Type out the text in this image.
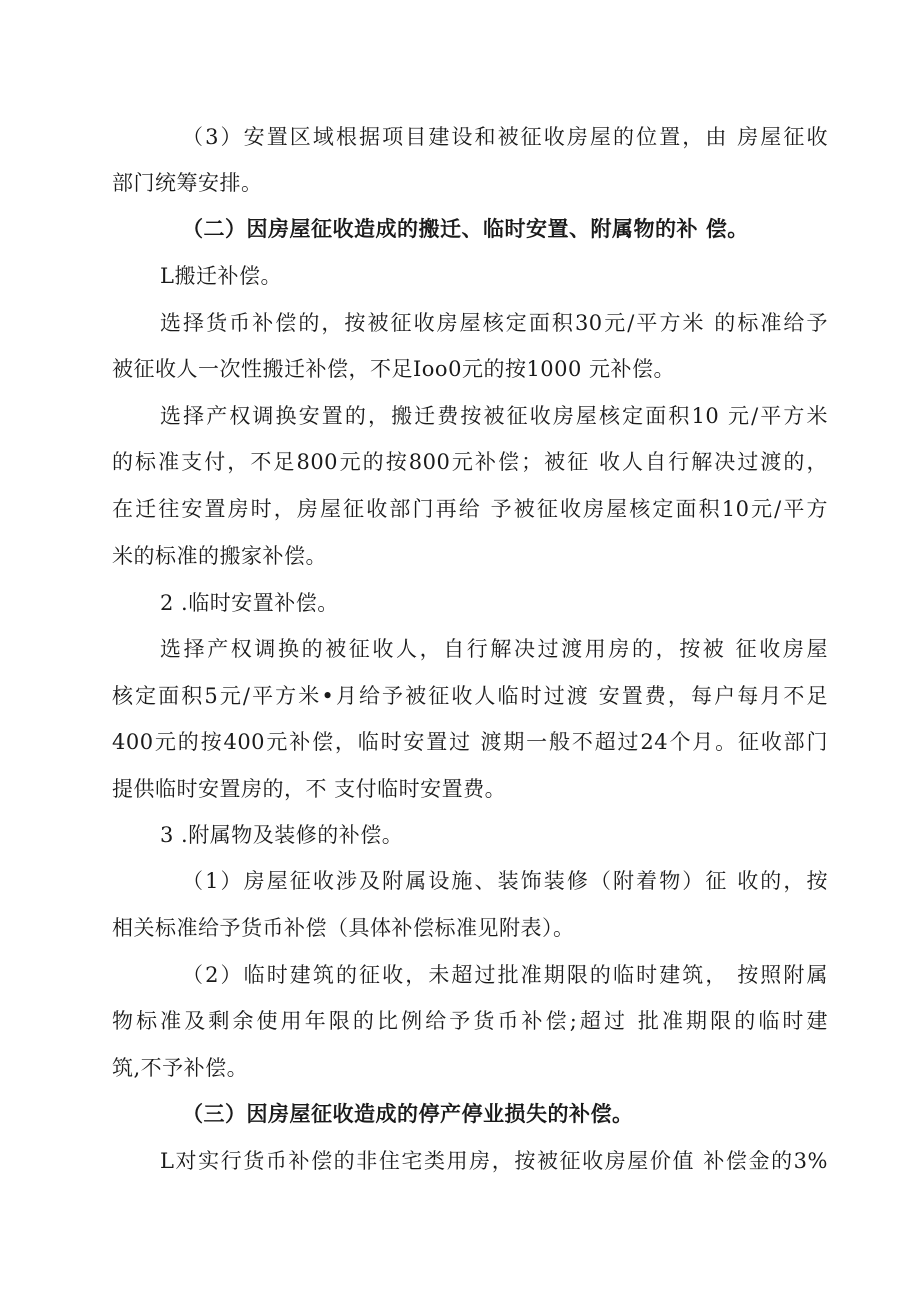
（3）安置区域根据项目建设和被征收房屋的位置，由 房屋征收
部门统筹安排。
（二）因房屋征收造成的搬迁、临时安置、附属物的补 偿。
L搬迁补偿。
选择货币补偿的，按被征收房屋核定面积30元/平方米 的标准给予
被征收人一次性搬迁补偿，不足Ioo0元的按1000 元补偿。
选择产权调换安置的，搬迁费按被征收房屋核定面积10 元/平方米
的标准支付，不足800元的按800元补偿；被征 收人自行解决过渡的，
在迁往安置房时，房屋征收部门再给 予被征收房屋核定面积10元/平方
米的标准的搬家补偿。
2 .临时安置补偿。
选择产权调换的被征收人，自行解决过渡用房的，按被 征收房屋
核定面积5元/平方米•月给予被征收人临时过渡 安置费，每户每月不足
400元的按400元补偿，临时安置过 渡期一般不超过24个月。征收部门
提供临时安置房的，不 支付临时安置费。
3 .附属物及装修的补偿。
（1）房屋征收涉及附属设施、装饰装修（附着物）征 收的，按
相关标准给予货币补偿（具体补偿标准见附表）。
（2）临时建筑的征收，未超过批准期限的临时建筑， 按照附属
物标准及剩余使用年限的比例给予货币补偿;超过 批准期限的临时建
筑,不予补偿。
（三）因房屋征收造成的停产停业损失的补偿。
L对实行货币补偿的非住宅类用房，按被征收房屋价值 补偿金的3%
